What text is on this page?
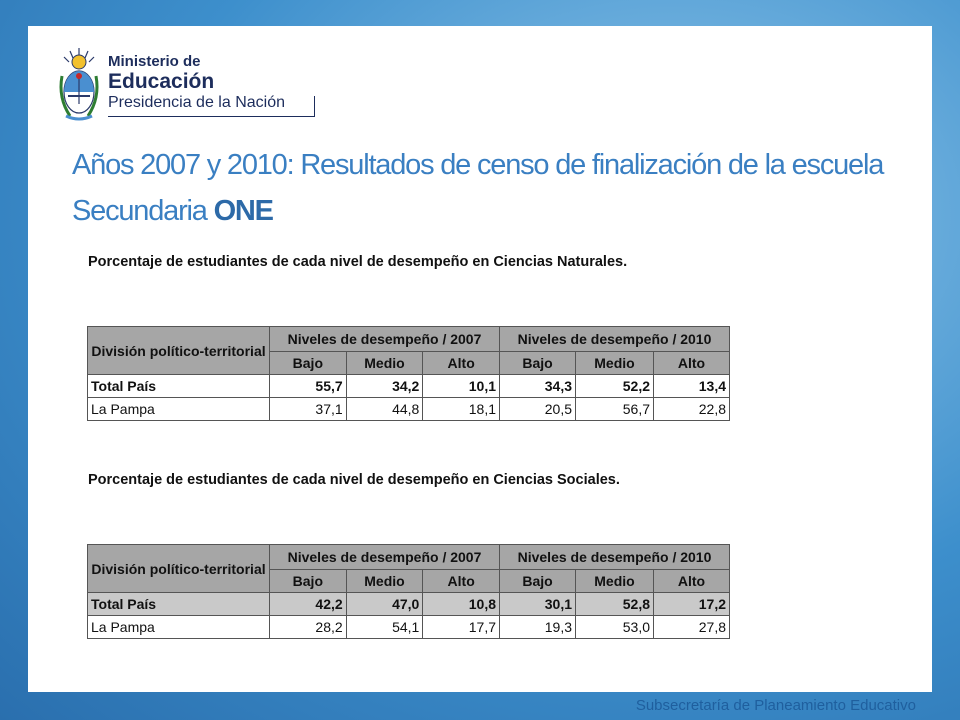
Ministerio de
Educación
Presidencia de la Nación
Años 2007 y 2010: Resultados de censo de finalización de la escuela Secundaria ONE
Porcentaje de estudiantes de cada nivel de desempeño en Ciencias Naturales.
División político-territorial	Niveles de desempeño / 2007			Niveles de desempeño / 2010		
	Bajo	Medio	Alto	Bajo	Medio	Alto
Total País	55,7	34,2	10,1	34,3	52,2	13,4
La Pampa	37,1	44,8	18,1	20,5	56,7	22,8
Porcentaje de estudiantes de cada nivel de desempeño en Ciencias Sociales.
División político-territorial	Niveles de desempeño / 2007			Niveles de desempeño / 2010		
	Bajo	Medio	Alto	Bajo	Medio	Alto
Total País	42,2	47,0	10,8	30,1	52,8	17,2
La Pampa	28,2	54,1	17,7	19,3	53,0	27,8
Subsecretaría de Planeamiento Educativo
